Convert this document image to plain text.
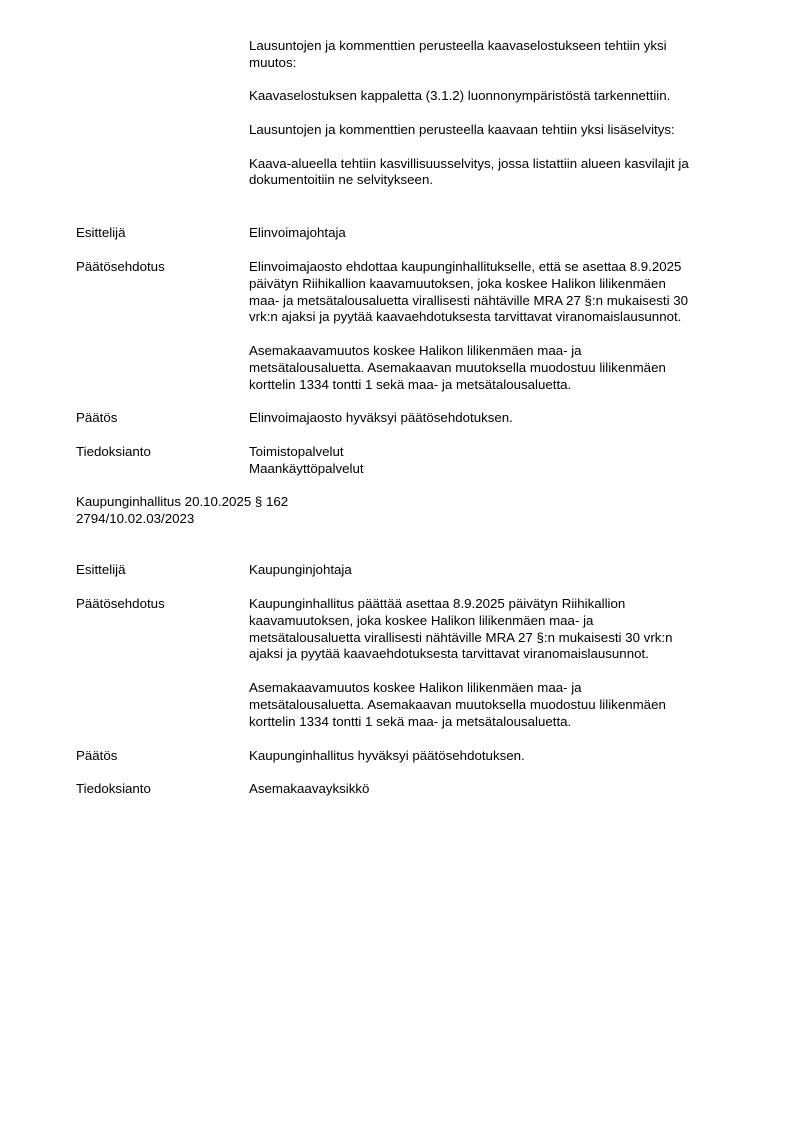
Lausuntojen ja kommenttien perusteella kaavaselostukseen tehtiin yksi
muutos:

Kaavaselostuksen kappaletta (3.1.2) luonnonympäristöstä tarkennettiin.

Lausuntojen ja kommenttien perusteella kaavaan tehtiin yksi lisäselvitys:

Kaava-alueella tehtiin kasvillisuusselvitys, jossa listattiin alueen kasvilajit ja
dokumentoitiin ne selvitykseen.

Esittelijä	Elinvoimajohtaja
Päätösehdotus	Elinvoimajaosto ehdottaa kaupunginhallitukselle, että se asettaa 8.9.2025
päivätyn Riihikallion kaavamuutoksen, joka koskee Halikon lilikenmäen
maa- ja metsätalousaluetta virallisesti nähtäville MRA 27 §:n mukaisesti 30
vrk:n ajaksi ja pyytää kaavaehdotuksesta tarvittavat viranomaislausunnot.

Asemakaavamuutos koskee Halikon lilikenmäen maa- ja
metsätalousaluetta. Asemakaavan muutoksella muodostuu lilikenmäen
korttelin 1334 tontti 1 sekä maa- ja metsätalousaluetta.

Päätös	Elinvoimajaosto hyväksyi päätösehdotuksen.
Tiedoksianto	Toimistopalvelut
Maankäyttöpalvelut
Kaupunginhallitus 20.10.2025 § 162
2794/10.02.03/2023
Esittelijä	Kaupunginjohtaja
Päätösehdotus	Kaupunginhallitus päättää asettaa 8.9.2025 päivätyn Riihikallion
kaavamuutoksen, joka koskee Halikon lilikenmäen maa- ja
metsätalousaluetta virallisesti nähtäville MRA 27 §:n mukaisesti 30 vrk:n
ajaksi ja pyytää kaavaehdotuksesta tarvittavat viranomaislausunnot.

Asemakaavamuutos koskee Halikon lilikenmäen maa- ja
metsätalousaluetta. Asemakaavan muutoksella muodostuu lilikenmäen
korttelin 1334 tontti 1 sekä maa- ja metsätalousaluetta.

Päätös	Kaupunginhallitus hyväksyi päätösehdotuksen.
Tiedoksianto	Asemakaavayksikkö
